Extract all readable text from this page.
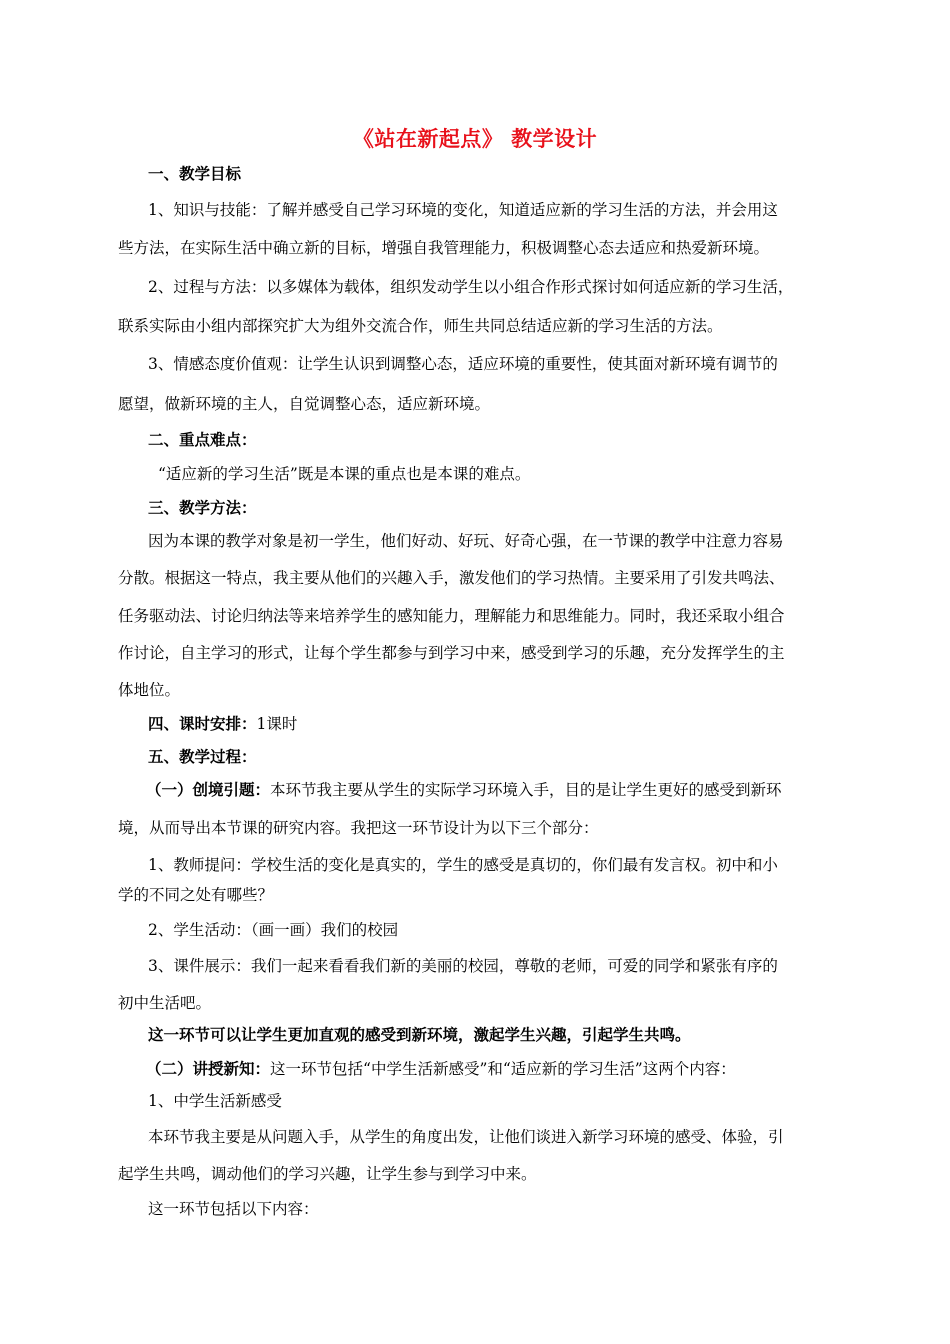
《站在新起点》 教学设计
一、教学目标
1、知识与技能：了解并感受自己学习环境的变化，知道适应新的学习生活的方法，并会用这
些方法，在实际生活中确立新的目标，增强自我管理能力，积极调整心态去适应和热爱新环境。
2、过程与方法：以多媒体为载体，组织发动学生以小组合作形式探讨如何适应新的学习生活，
联系实际由小组内部探究扩大为组外交流合作，师生共同总结适应新的学习生活的方法。
3、情感态度价值观：让学生认识到调整心态，适应环境的重要性，使其面对新环境有调节的
愿望，做新环境的主人，自觉调整心态，适应新环境。
二、重点难点：
“适应新的学习生活”既是本课的重点也是本课的难点。
三、教学方法：
因为本课的教学对象是初一学生，他们好动、好玩、好奇心强，在一节课的教学中注意力容易
分散。根据这一特点，我主要从他们的兴趣入手，激发他们的学习热情。主要采用了引发共鸣法、
任务驱动法、讨论归纳法等来培养学生的感知能力，理解能力和思维能力。同时，我还采取小组合
作讨论，自主学习的形式，让每个学生都参与到学习中来，感受到学习的乐趣，充分发挥学生的主
体地位。
四、课时安排：1课时
五、教学过程：
（一）创境引题：本环节我主要从学生的实际学习环境入手，目的是让学生更好的感受到新环
境，从而导出本节课的研究内容。我把这一环节设计为以下三个部分：
1、教师提问：学校生活的变化是真实的，学生的感受是真切的，你们最有发言权。初中和小
学的不同之处有哪些？
2、学生活动：（画一画）我们的校园
3、课件展示：我们一起来看看我们新的美丽的校园，尊敬的老师，可爱的同学和紧张有序的
初中生活吧。
这一环节可以让学生更加直观的感受到新环境，激起学生兴趣，引起学生共鸣。
（二）讲授新知：这一环节包括“中学生活新感受”和“适应新的学习生活”这两个内容：
1、中学生活新感受
本环节我主要是从问题入手，从学生的角度出发，让他们谈进入新学习环境的感受、体验，引
起学生共鸣，调动他们的学习兴趣，让学生参与到学习中来。
这一环节包括以下内容：
